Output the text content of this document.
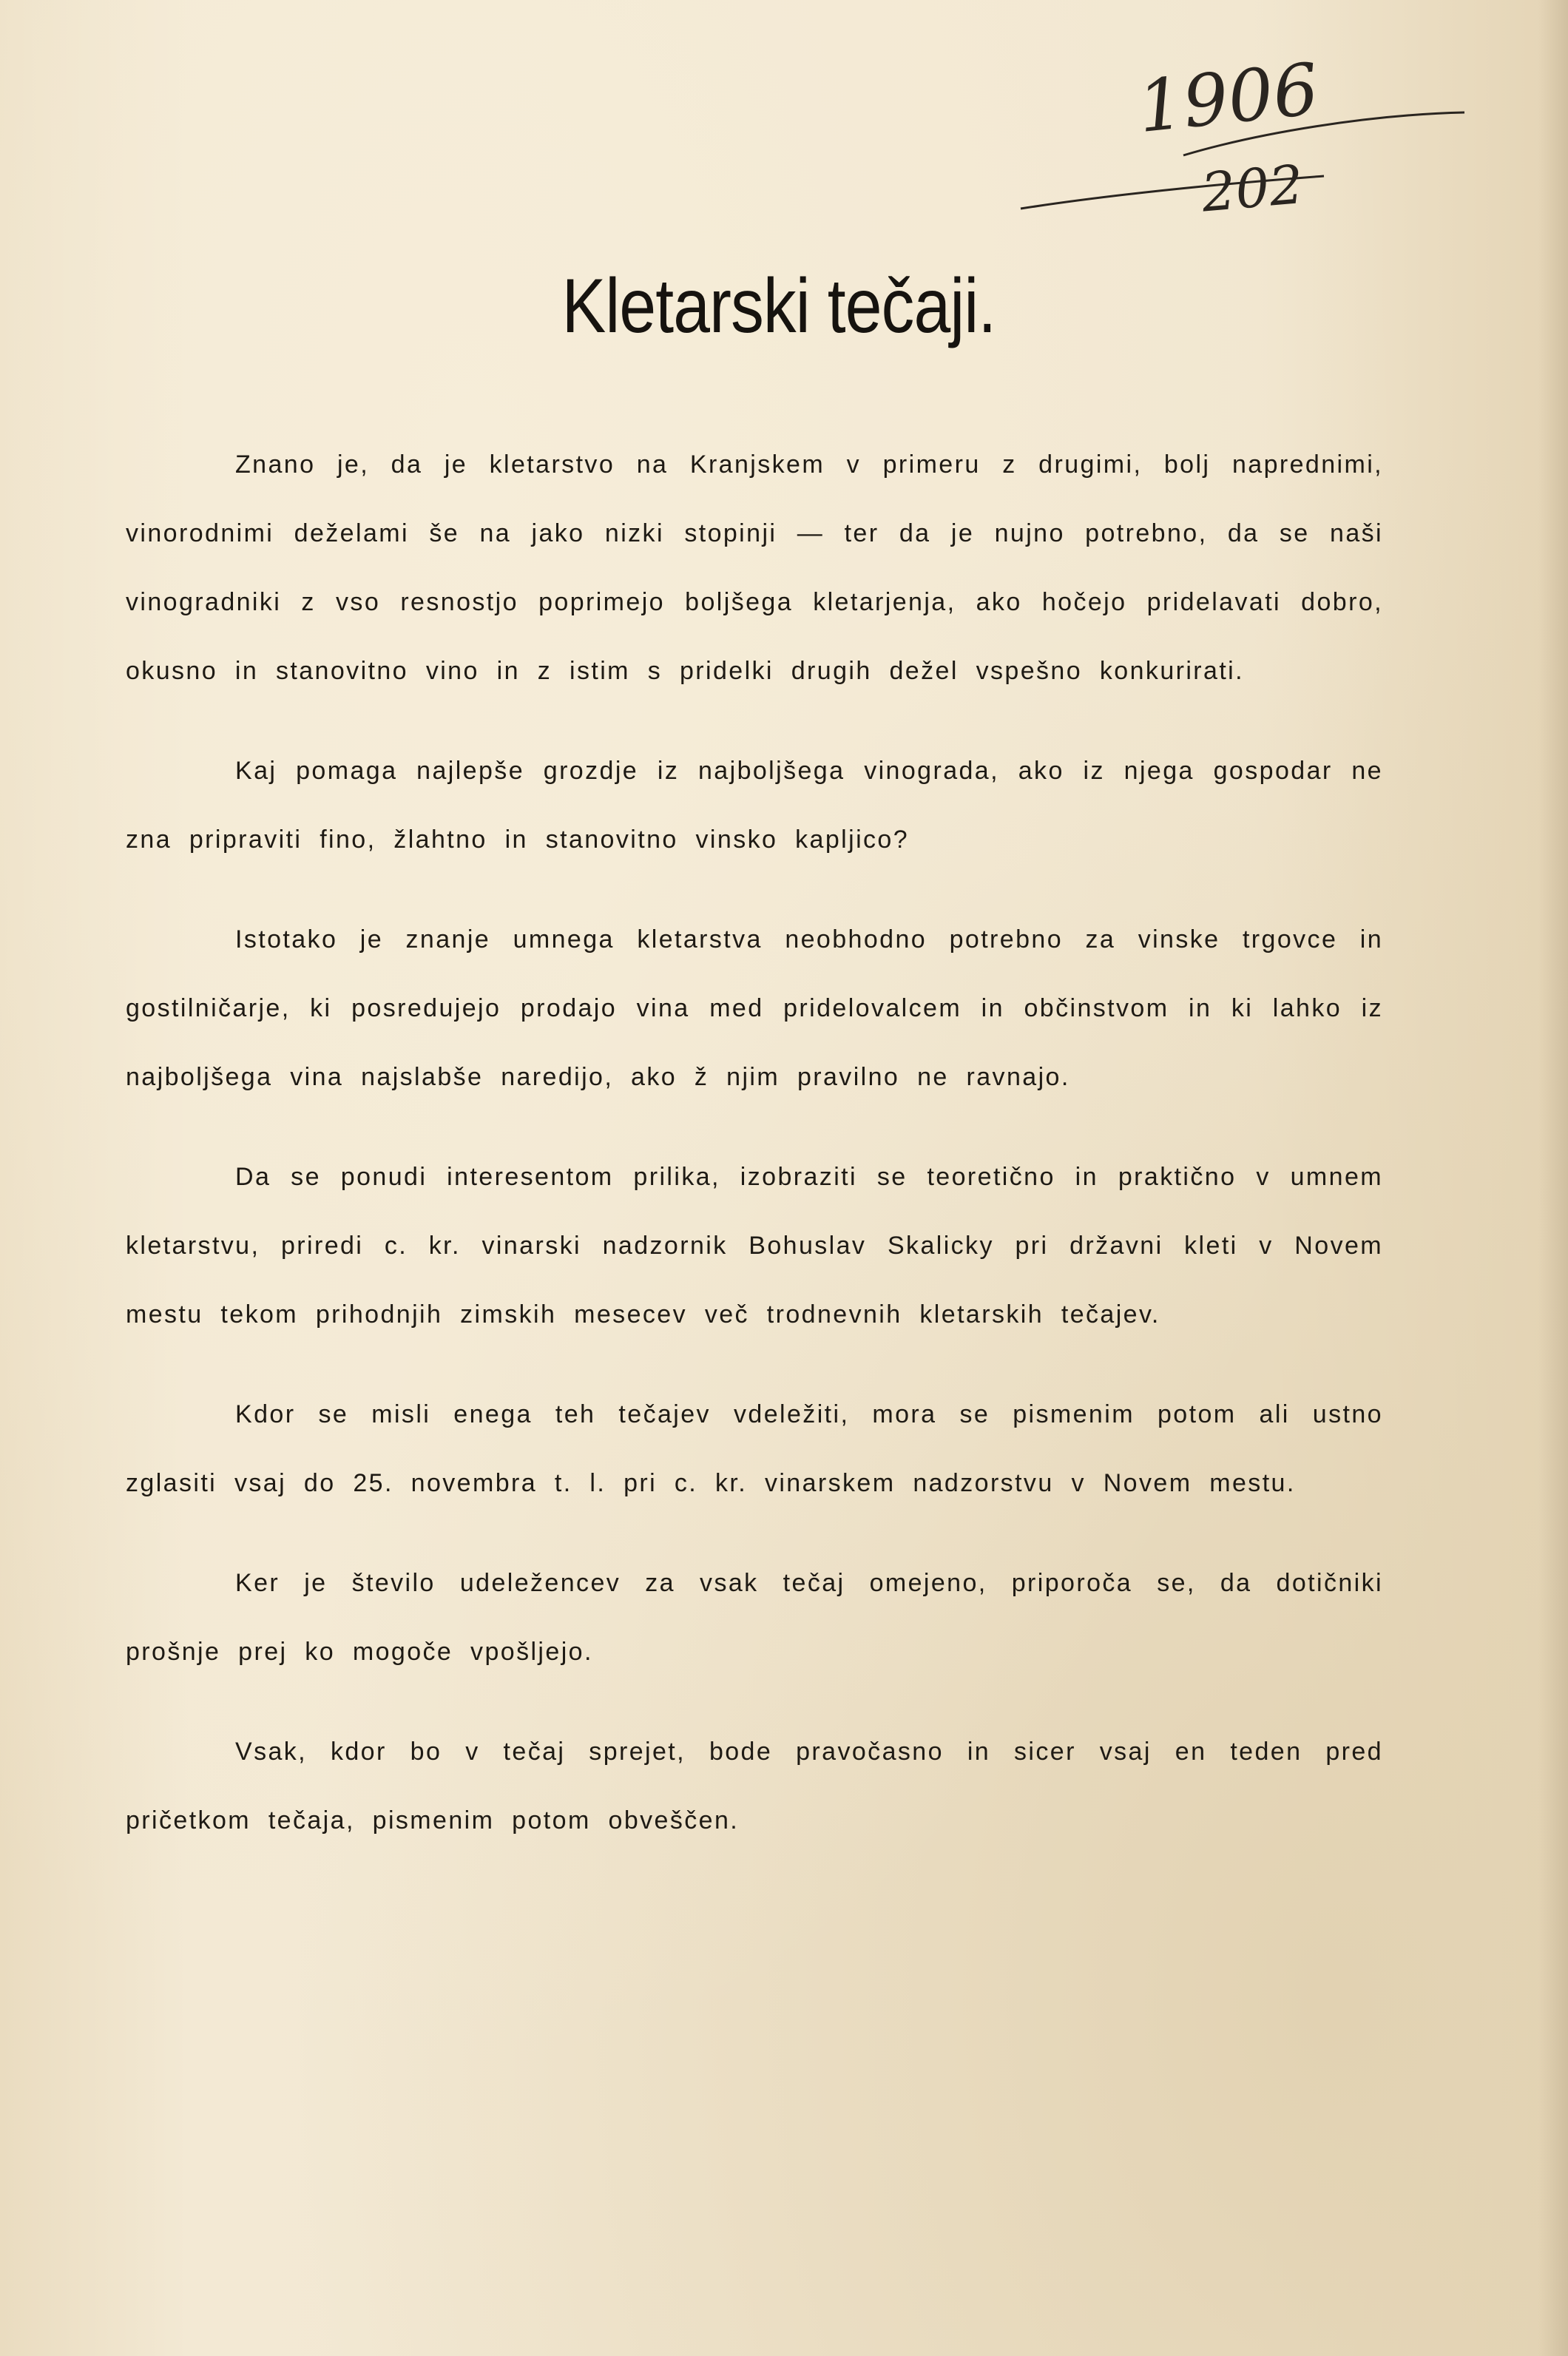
1906
202
Kletarski tečaji.

Znano je, da je kletarstvo na Kranjskem v primeru z drugimi, bolj naprednimi, vinorodnimi deželami še na jako nizki stopinji — ter da je nujno potrebno, da se naši vinogradniki z vso resnostjo poprimejo boljšega kletarjenja, ako hočejo pridelavati dobro, okusno in stanovitno vino in z istim s pridelki drugih dežel vspešno konkurirati.

Kaj pomaga najlepše grozdje iz najboljšega vinograda, ako iz njega gospodar ne zna pripraviti fino, žlahtno in stanovitno vinsko kapljico?

Istotako je znanje umnega kletarstva neobhodno potrebno za vinske trgovce in gostilničarje, ki posredujejo prodajo vina med pridelovalcem in občinstvom in ki lahko iz najboljšega vina najslabše naredijo, ako ž njim pravilno ne ravnajo.

Da se ponudi interesentom prilika, izobraziti se teoretično in praktično v umnem kletarstvu, priredi c. kr. vinarski nadzornik Bohuslav Skalicky pri državni kleti v Novem mestu tekom prihodnjih zimskih mesecev več trodnevnih kletarskih tečajev.

Kdor se misli enega teh tečajev vdeležiti, mora se pismenim potom ali ustno zglasiti vsaj do 25. novembra t. l. pri c. kr. vinarskem nadzorstvu v Novem mestu.

Ker je število udeležencev za vsak tečaj omejeno, priporoča se, da dotičniki prošnje prej ko mogoče vpošljejo.

Vsak, kdor bo v tečaj sprejet, bode pravočasno in sicer vsaj en teden pred pričetkom tečaja, pismenim potom obveščen.
